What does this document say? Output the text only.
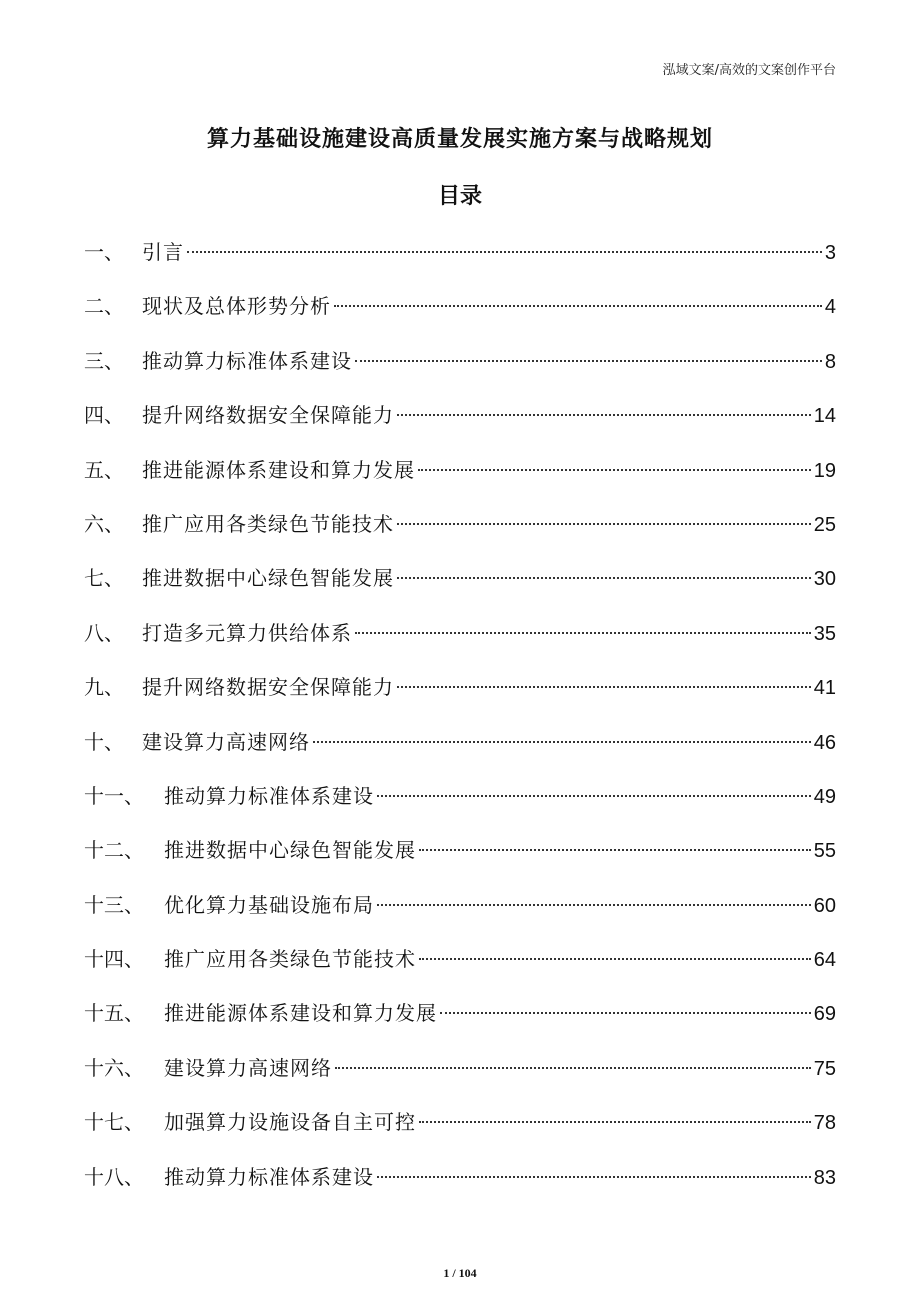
泓域文案/高效的文案创作平台
算力基础设施建设高质量发展实施方案与战略规划
目录
一、 引言	3
二、 现状及总体形势分析	4
三、 推动算力标准体系建设	8
四、 提升网络数据安全保障能力	14
五、 推进能源体系建设和算力发展	19
六、 推广应用各类绿色节能技术	25
七、 推进数据中心绿色智能发展	30
八、 打造多元算力供给体系	35
九、 提升网络数据安全保障能力	41
十、 建设算力高速网络	46
十一、	推动算力标准体系建设	49
十二、	推进数据中心绿色智能发展	55
十三、	优化算力基础设施布局	60
十四、	推广应用各类绿色节能技术	64
十五、	推进能源体系建设和算力发展	69
十六、	建设算力高速网络	75
十七、	加强算力设施设备自主可控	78
十八、	推动算力标准体系建设	83
1 / 104
